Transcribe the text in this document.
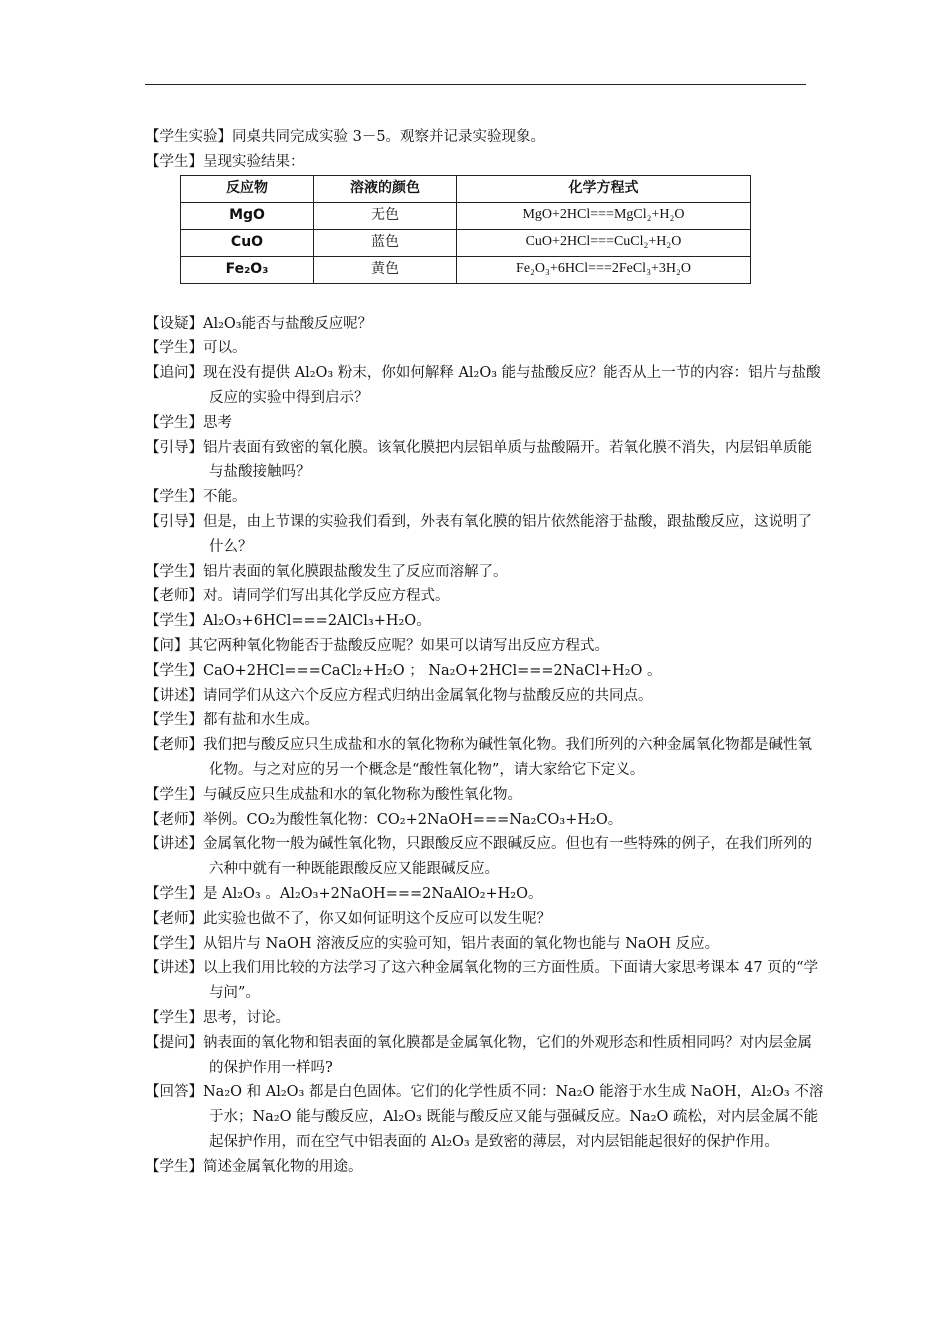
【学生实验】同桌共同完成实验 3－5。观察并记录实验现象。

【学生】呈现实验结果：

反应物	溶液的颜色	化学方程式
MgO	无色	MgO+2HCl===MgCl₂+H₂O
CuO	蓝色	CuO+2HCl===CuCl₂+H₂O
Fe₂O₃	黄色	Fe₂O₃+6HCl===2FeCl₃+3H₂O

【设疑】Al₂O₃能否与盐酸反应呢？

【学生】可以。

【追问】现在没有提供 Al₂O₃ 粉末，你如何解释 Al₂O₃ 能与盐酸反应？能否从上一节的内容：铝片与盐酸反应的实验中得到启示？

【学生】思考

【引导】铝片表面有致密的氧化膜。该氧化膜把内层铝单质与盐酸隔开。若氧化膜不消失，内层铝单质能与盐酸接触吗？

【学生】不能。

【引导】但是，由上节课的实验我们看到，外表有氧化膜的铝片依然能溶于盐酸，跟盐酸反应，这说明了什么？

【学生】铝片表面的氧化膜跟盐酸发生了反应而溶解了。

【老师】对。请同学们写出其化学反应方程式。

【学生】Al₂O₃+6HCl===2AlCl₃+H₂O。

【问】其它两种氧化物能否于盐酸反应呢？如果可以请写出反应方程式。

【学生】CaO+2HCl===CaCl₂+H₂O ； Na₂O+2HCl===2NaCl+H₂O 。

【讲述】请同学们从这六个反应方程式归纳出金属氧化物与盐酸反应的共同点。

【学生】都有盐和水生成。

【老师】我们把与酸反应只生成盐和水的氧化物称为碱性氧化物。我们所列的六种金属氧化物都是碱性氧化物。与之对应的另一个概念是“酸性氧化物”，请大家给它下定义。

【学生】与碱反应只生成盐和水的氧化物称为酸性氧化物。

【老师】举例。CO₂为酸性氧化物：CO₂+2NaOH===Na₂CO₃+H₂O。

【讲述】金属氧化物一般为碱性氧化物，只跟酸反应不跟碱反应。但也有一些特殊的例子，在我们所列的六种中就有一种既能跟酸反应又能跟碱反应。

【学生】是 Al₂O₃ 。Al₂O₃+2NaOH===2NaAlO₂+H₂O。

【老师】此实验也做不了，你又如何证明这个反应可以发生呢？

【学生】从铝片与 NaOH 溶液反应的实验可知，铝片表面的氧化物也能与 NaOH 反应。

【讲述】以上我们用比较的方法学习了这六种金属氧化物的三方面性质。下面请大家思考课本 47 页的“学与问”。

【学生】思考，讨论。

【提问】钠表面的氧化物和铝表面的氧化膜都是金属氧化物，它们的外观形态和性质相同吗？对内层金属的保护作用一样吗?

【回答】Na₂O 和 Al₂O₃ 都是白色固体。它们的化学性质不同：Na₂O 能溶于水生成 NaOH，Al₂O₃ 不溶于水；Na₂O 能与酸反应，Al₂O₃ 既能与酸反应又能与强碱反应。Na₂O 疏松，对内层金属不能起保护作用，而在空气中铝表面的 Al₂O₃ 是致密的薄层，对内层铝能起很好的保护作用。

【学生】简述金属氧化物的用途。
